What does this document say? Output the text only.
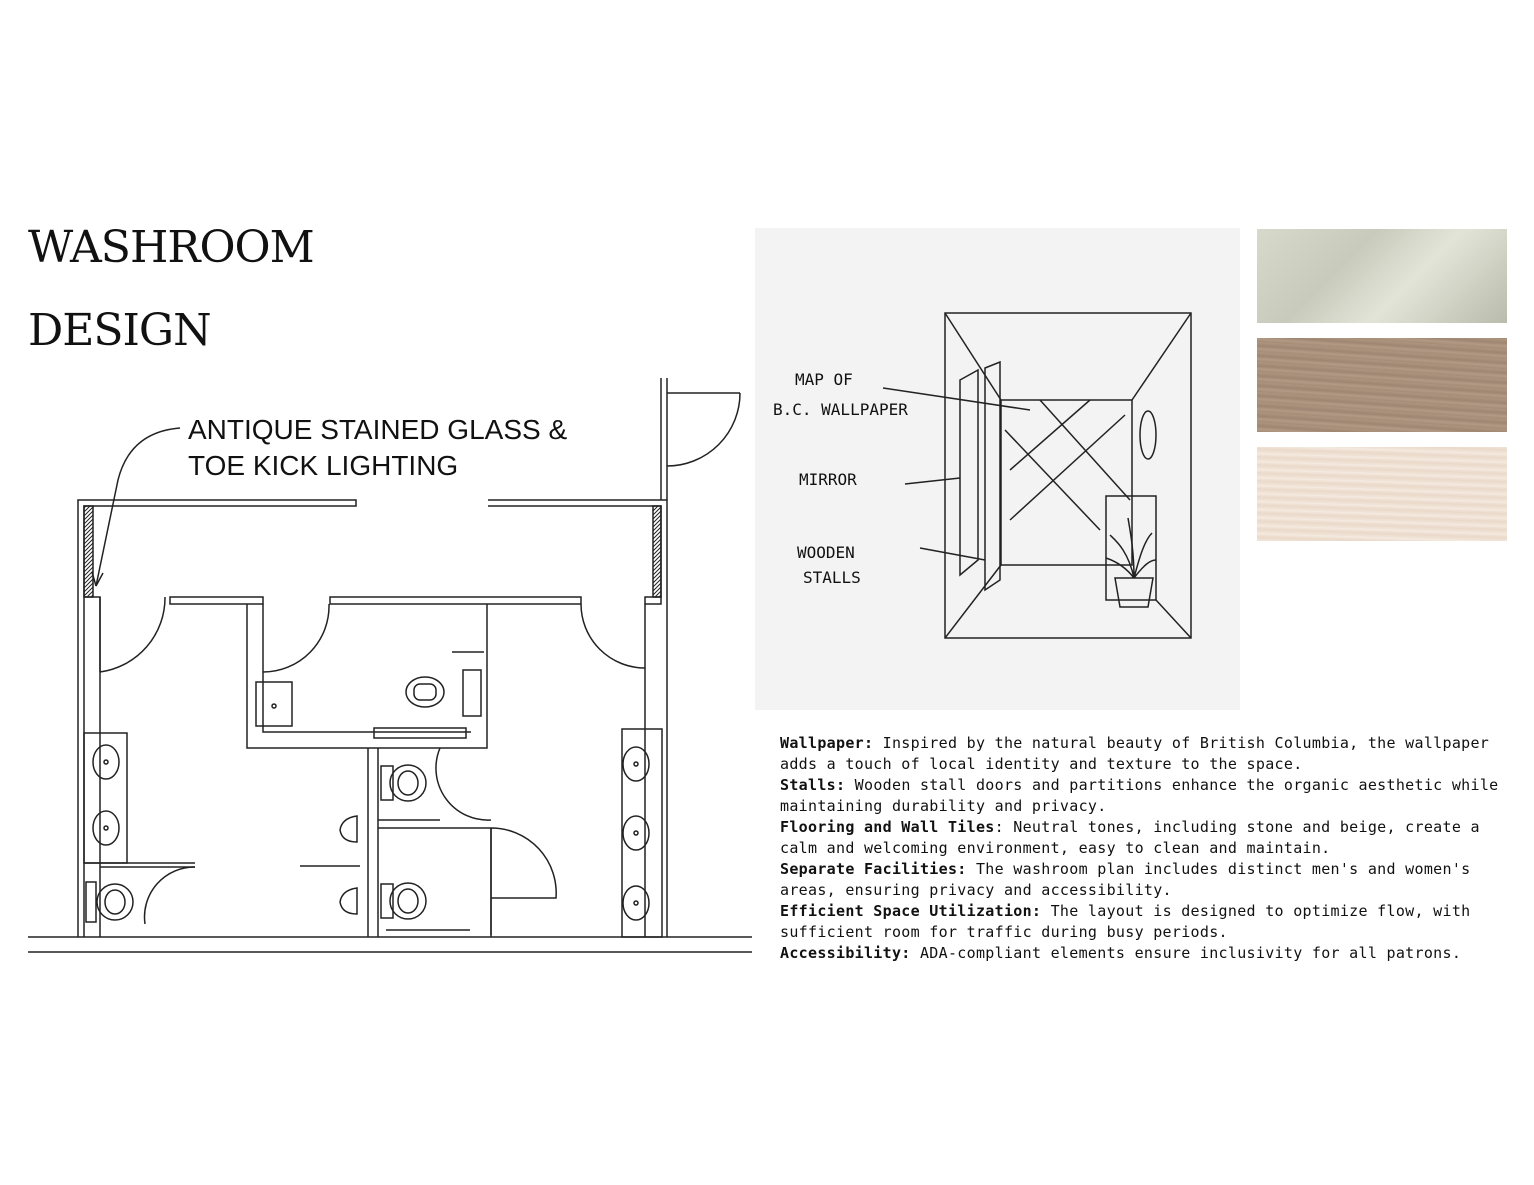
WASHROOM
DESIGN
ANTIQUE STAINED GLASS &
TOE KICK LIGHTING
MAP OF
B.C. WALLPAPER
MIRROR
WOODEN
STALLS

Wallpaper: Inspired by the natural beauty of British Columbia, the wallpaper adds a touch of local identity and texture to the space.

Stalls: Wooden stall doors and partitions enhance the organic aesthetic while maintaining durability and privacy.

Flooring and Wall Tiles: Neutral tones, including stone and beige, create a calm and welcoming environment, easy to clean and maintain.

Separate Facilities: The washroom plan includes distinct men's and women's areas, ensuring privacy and accessibility.

Efficient Space Utilization: The layout is designed to optimize flow, with sufficient room for traffic during busy periods.

Accessibility: ADA-compliant elements ensure inclusivity for all patrons.
